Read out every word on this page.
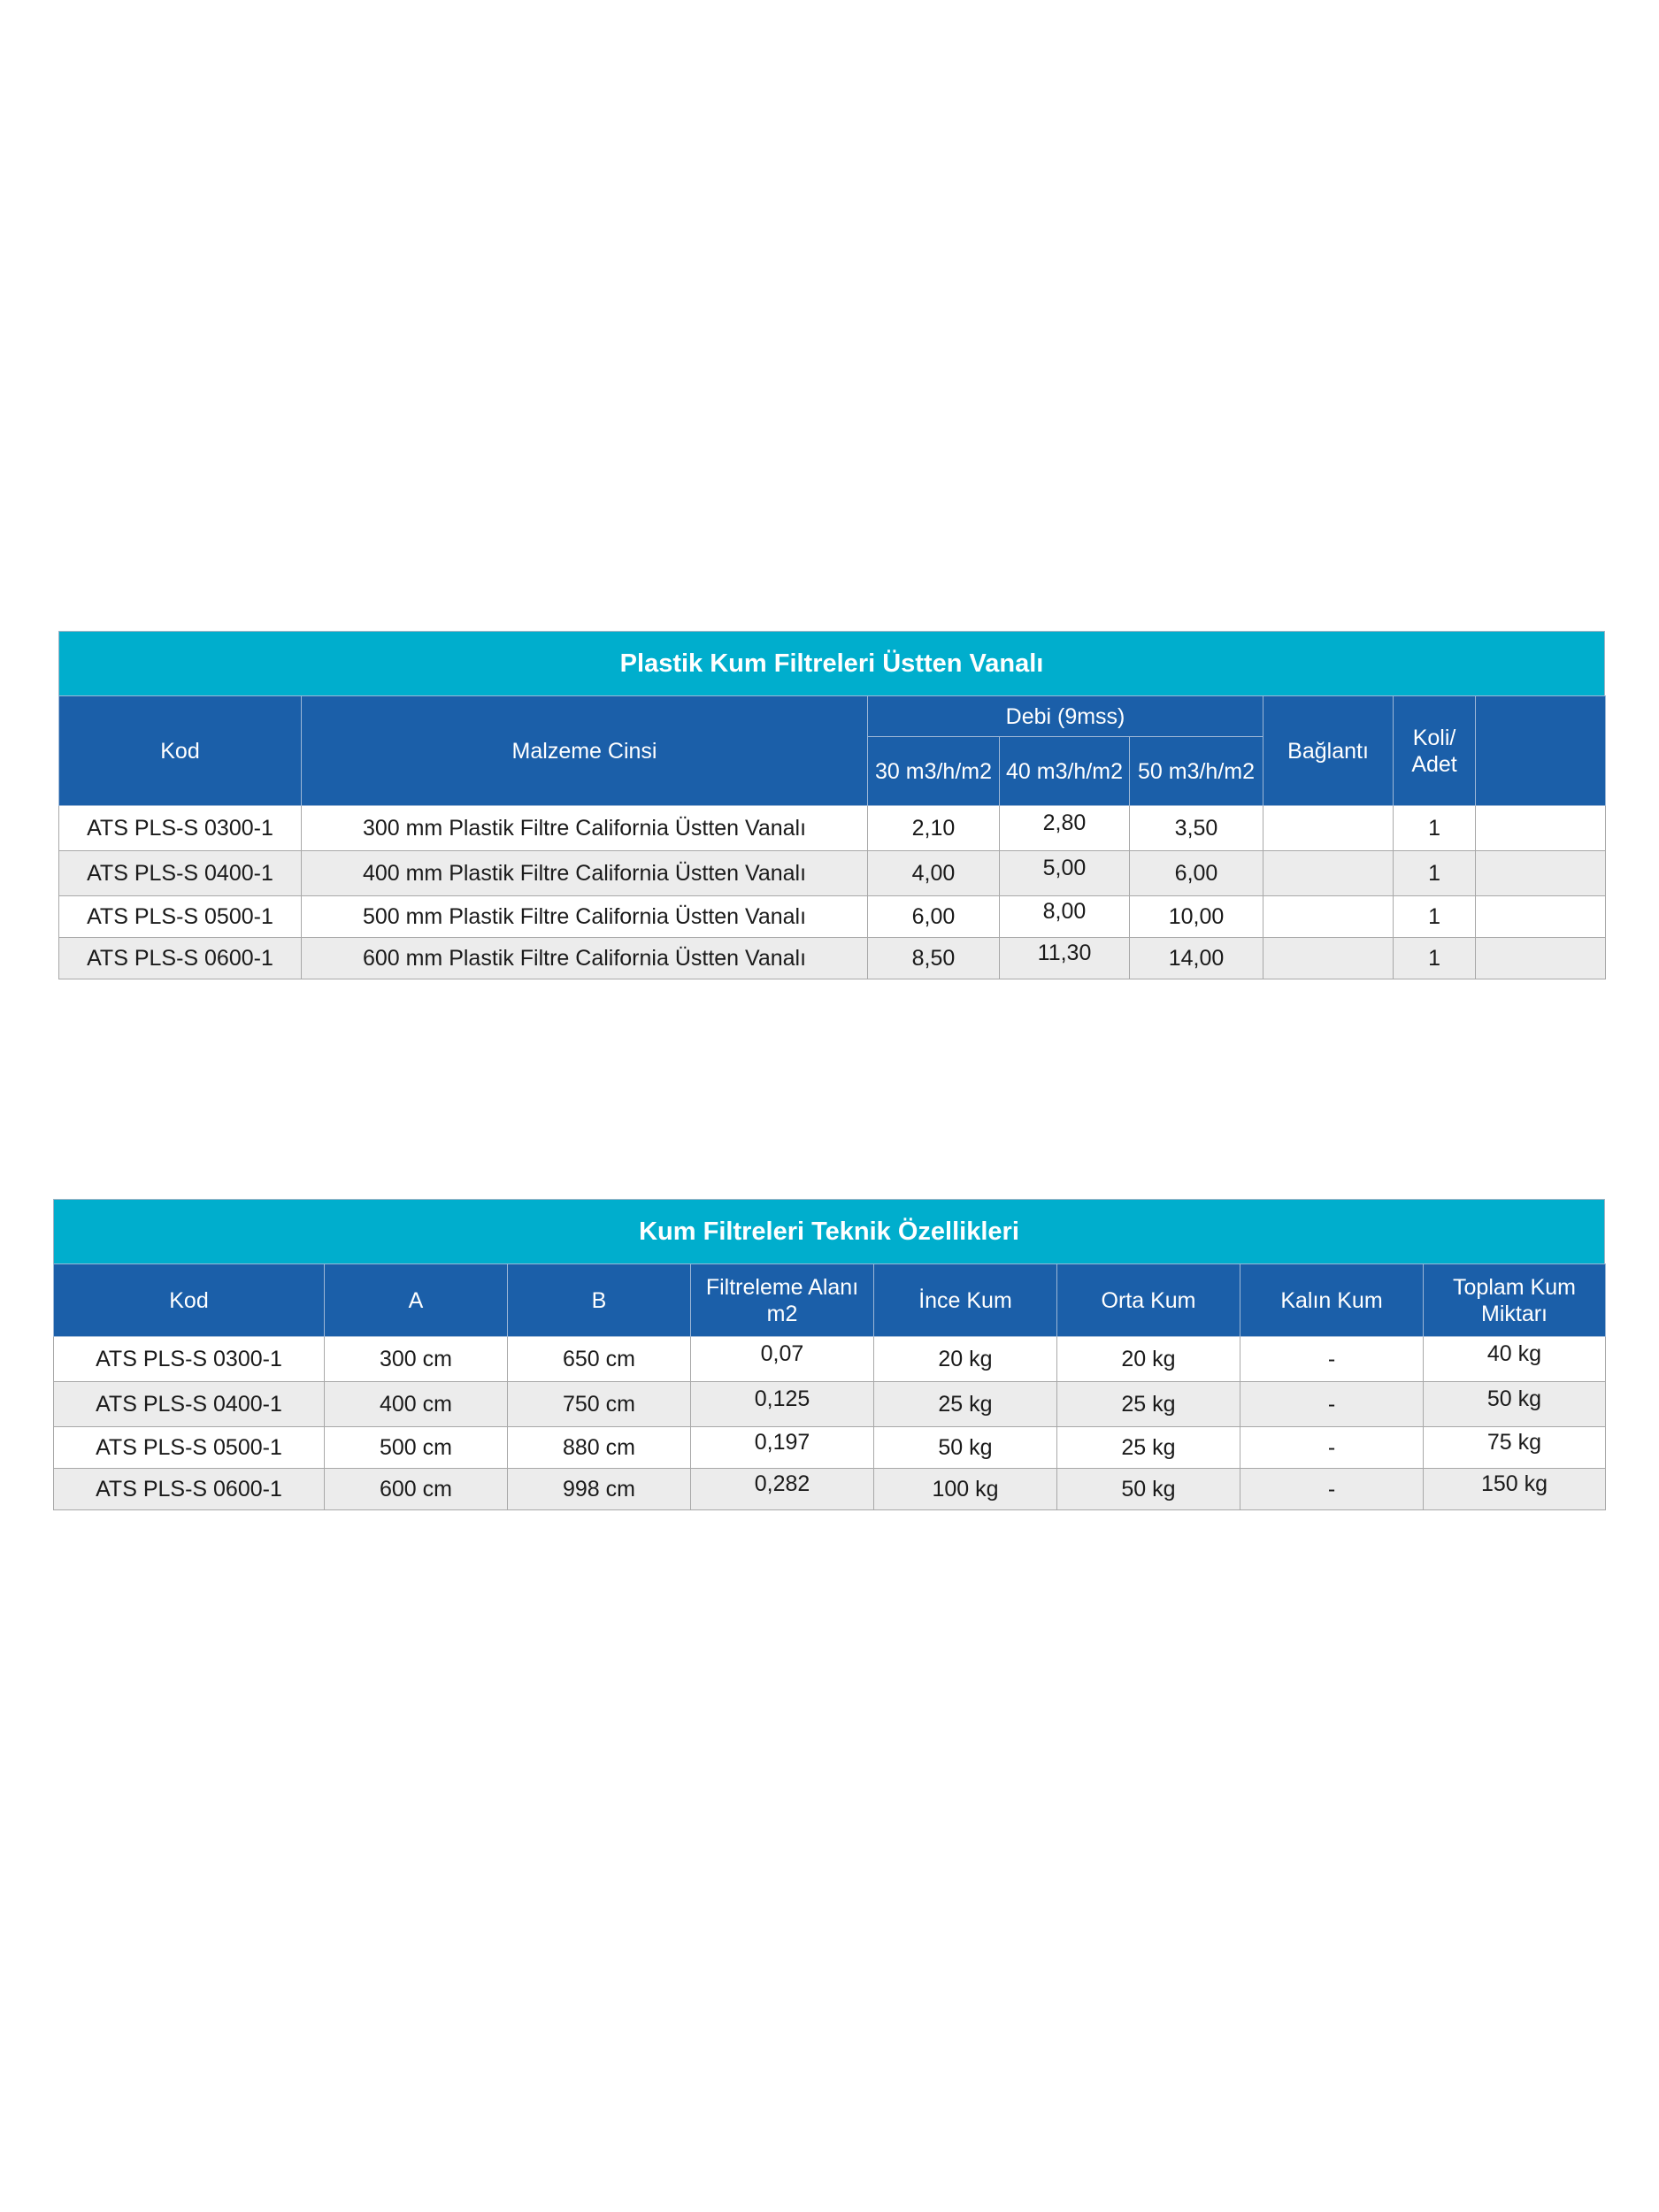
Plastik Kum Filtreleri Üstten Vanalı
Kod	Malzeme Cinsi	Debi (9mss)			Bağlantı	Koli/ Adet	
		30 m3/h/m2	40 m3/h/m2	50 m3/h/m2			
ATS PLS-S 0300-1	300 mm Plastik Filtre California Üstten Vanalı	2,10	2,80	3,50		1	
ATS PLS-S 0400-1	400 mm Plastik Filtre California Üstten Vanalı	4,00	5,00	6,00		1	
ATS PLS-S 0500-1	500 mm Plastik Filtre California Üstten Vanalı	6,00	8,00	10,00		1	
ATS PLS-S 0600-1	600 mm Plastik Filtre California Üstten Vanalı	8,50	11,30	14,00		1	
Kum Filtreleri Teknik Özellikleri
Kod	A	B	Filtreleme Alanı m2	İnce Kum	Orta Kum	Kalın Kum	Toplam Kum Miktarı
ATS PLS-S 0300-1	300 cm	650 cm	0,07	20 kg	20 kg	-	40 kg
ATS PLS-S 0400-1	400 cm	750 cm	0,125	25 kg	25 kg	-	50 kg
ATS PLS-S 0500-1	500 cm	880 cm	0,197	50 kg	25 kg	-	75 kg
ATS PLS-S 0600-1	600 cm	998 cm	0,282	100 kg	50 kg	-	150 kg
